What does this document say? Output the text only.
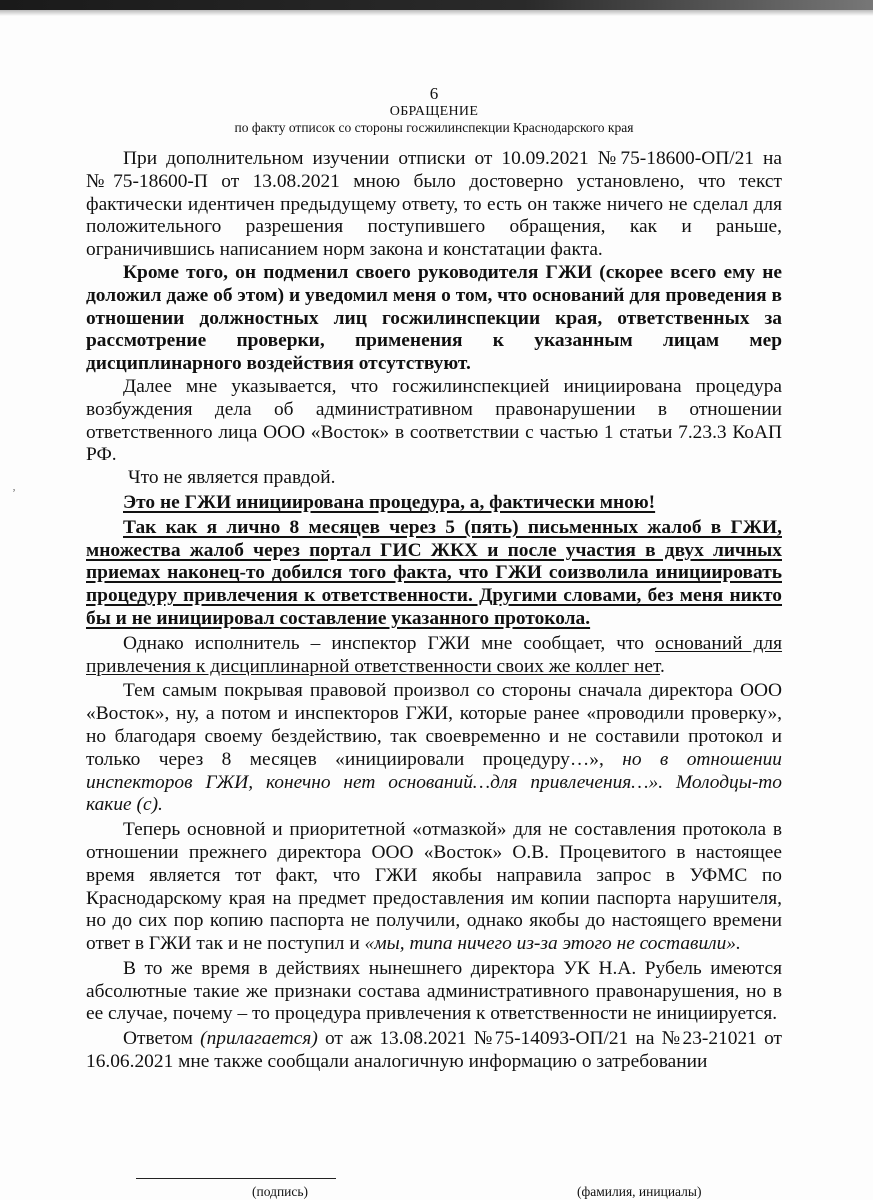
ʼ
6
ОБРАЩЕНИЕ
по факту отписок со стороны госжилинспекции Краснодарского края

При дополнительном изучении отписки от 10.09.2021 №75-18600-ОП/21 на №75-18600-П от 13.08.2021 мною было достоверно установлено, что текст фактически идентичен предыдущему ответу, то есть он также ничего не сделал для положительного разрешения поступившего обращения, как и раньше, ограничившись написанием норм закона и констатации факта.

Кроме того, он подменил своего руководителя ГЖИ (скорее всего ему не доложил даже об этом) и уведомил меня о том, что оснований для проведения в отношении должностных лиц госжилинспекции края, ответственных за рассмотрение проверки, применения к указанным лицам мер дисциплинарного воздействия отсутствуют.

Далее мне указывается, что госжилинспекцией инициирована процедура возбуждения дела об административном правонарушении в отношении ответственного лица ООО «Восток» в соответствии с частью 1 статьи 7.23.3 КоАП РФ.

Что не является правдой.

Это не ГЖИ инициирована процедура, а, фактически мною!

Так как я лично 8 месяцев через 5 (пять) письменных жалоб в ГЖИ, множества жалоб через портал ГИС ЖКХ и после участия в двух личных приемах наконец-то добился того факта, что ГЖИ соизволила инициировать процедуру привлечения к ответственности. Другими словами, без меня никто бы и не инициировал составление указанного протокола.

Однако исполнитель – инспектор ГЖИ мне сообщает, что оснований для привлечения к дисциплинарной ответственности своих же коллег нет.

Тем самым покрывая правовой произвол со стороны сначала директора ООО «Восток», ну, а потом и инспекторов ГЖИ, которые ранее «проводили проверку», но благодаря своему бездействию, так своевременно и не составили протокол и только через 8 месяцев «инициировали процедуру…», но в отношении инспекторов ГЖИ, конечно нет оснований…для привлечения…». Молодцы-то какие (с).

Теперь основной и приоритетной «отмазкой» для не составления протокола в отношении прежнего директора ООО «Восток» О.В. Процевитого в настоящее время является тот факт, что ГЖИ якобы направила запрос в УФМС по Краснодарскому края на предмет предоставления им копии паспорта нарушителя, но до сих пор копию паспорта не получили, однако якобы до настоящего времени ответ в ГЖИ так и не поступил и «мы, типа ничего из-за этого не составили».

В то же время в действиях нынешнего директора УК Н.А. Рубель имеются абсолютные такие же признаки состава административного правонарушения, но в ее случае, почему – то процедура привлечения к ответственности не инициируется.

Ответом (прилагается) от аж 13.08.2021 №75-14093-ОП/21 на №23-21021 от 16.06.2021 мне также сообщали аналогичную информацию о затребовании

(подпись)	(фамилия, инициалы)
